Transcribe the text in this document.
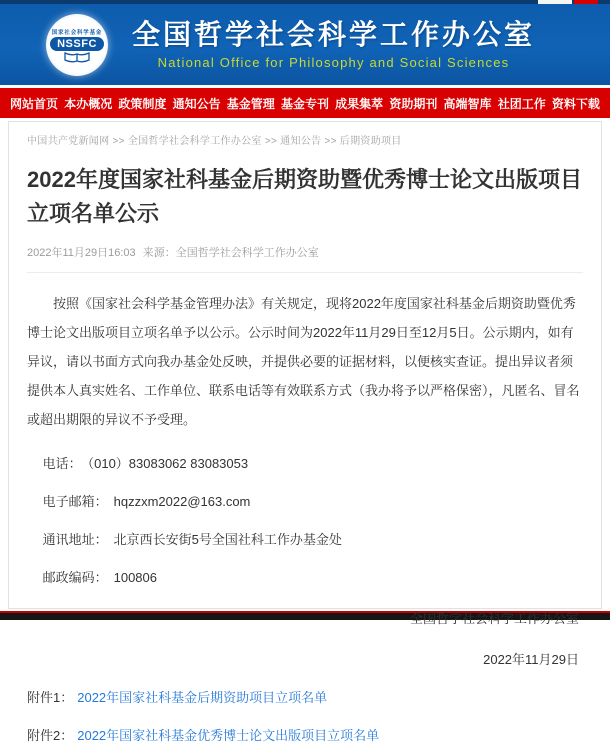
国家社会科学基金
NSSFC 全国哲学社会科学工作办公室
National Office for Philosophy and Social Sciences
网站首页 本办概况 政策制度 通知公告 基金管理 基金专刊 成果集萃 资助期刊 高端智库 社团工作 资料下载
中国共产党新闻网 >> 全国哲学社会科学工作办公室 >> 通知公告 >> 后期资助项目
2022年度国家社科基金后期资助暨优秀博士论文出版项目立项名单公示
2022年11月29日16:03 来源：全国哲学社会科学工作办公室

按照《国家社会科学基金管理办法》有关规定，现将2022年度国家社科基金后期资助暨优秀博士论文出版项目立项名单予以公示。公示时间为2022年11月29日至12月5日。公示期内，如有异议，请以书面方式向我办基金处反映，并提供必要的证据材料，以便核实查证。提出异议者须提供本人真实姓名、工作单位、联系电话等有效联系方式（我办将予以严格保密），凡匿名、冒名或超出期限的异议不予受理。

电话： （010）83083062 83083053
电子邮箱： hqzzxm2022@163.com
通讯地址： 北京西长安街5号全国社科工作办基金处
邮政编码： 100806
全国哲学社会科学工作办公室
2022年11月29日
附件1： 2022年国家社科基金后期资助项目立项名单
附件2： 2022年国家社科基金优秀博士论文出版项目立项名单
